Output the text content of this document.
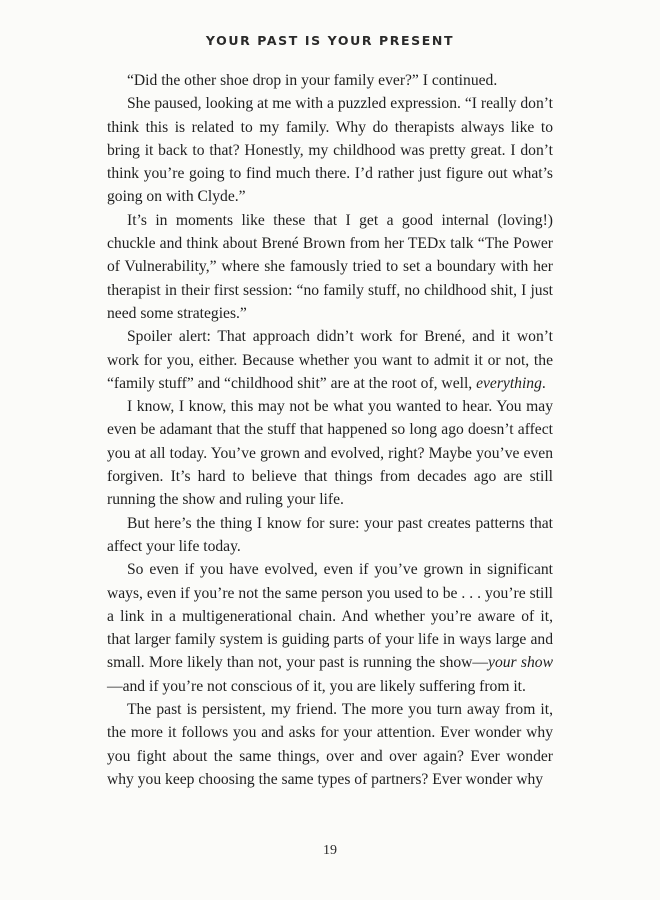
YOUR PAST IS YOUR PRESENT

“Did the other shoe drop in your family ever?” I continued.

She paused, looking at me with a puzzled expression. “I really don’t think this is related to my family. Why do therapists always like to bring it back to that? Honestly, my childhood was pretty great. I don’t think you’re going to find much there. I’d rather just figure out what’s going on with Clyde.”

It’s in moments like these that I get a good internal (loving!) chuckle and think about Brené Brown from her TEDx talk “The Power of Vulnerability,” where she famously tried to set a boundary with her therapist in their first session: “no family stuff, no childhood shit, I just need some strategies.”

Spoiler alert: That approach didn’t work for Brené, and it won’t work for you, either. Because whether you want to admit it or not, the “family stuff” and “childhood shit” are at the root of, well, everything.

I know, I know, this may not be what you wanted to hear. You may even be adamant that the stuff that happened so long ago doesn’t affect you at all today. You’ve grown and evolved, right? Maybe you’ve even forgiven. It’s hard to believe that things from decades ago are still running the show and ruling your life.

But here’s the thing I know for sure: your past creates patterns that affect your life today.

So even if you have evolved, even if you’ve grown in significant ways, even if you’re not the same person you used to be . . . you’re still a link in a multigenerational chain. And whether you’re aware of it, that larger family system is guiding parts of your life in ways large and small. More likely than not, your past is running the show—your show—and if you’re not conscious of it, you are likely suffering from it.

The past is persistent, my friend. The more you turn away from it, the more it follows you and asks for your attention. Ever wonder why you fight about the same things, over and over again? Ever wonder why you keep choosing the same types of partners? Ever wonder why

19
